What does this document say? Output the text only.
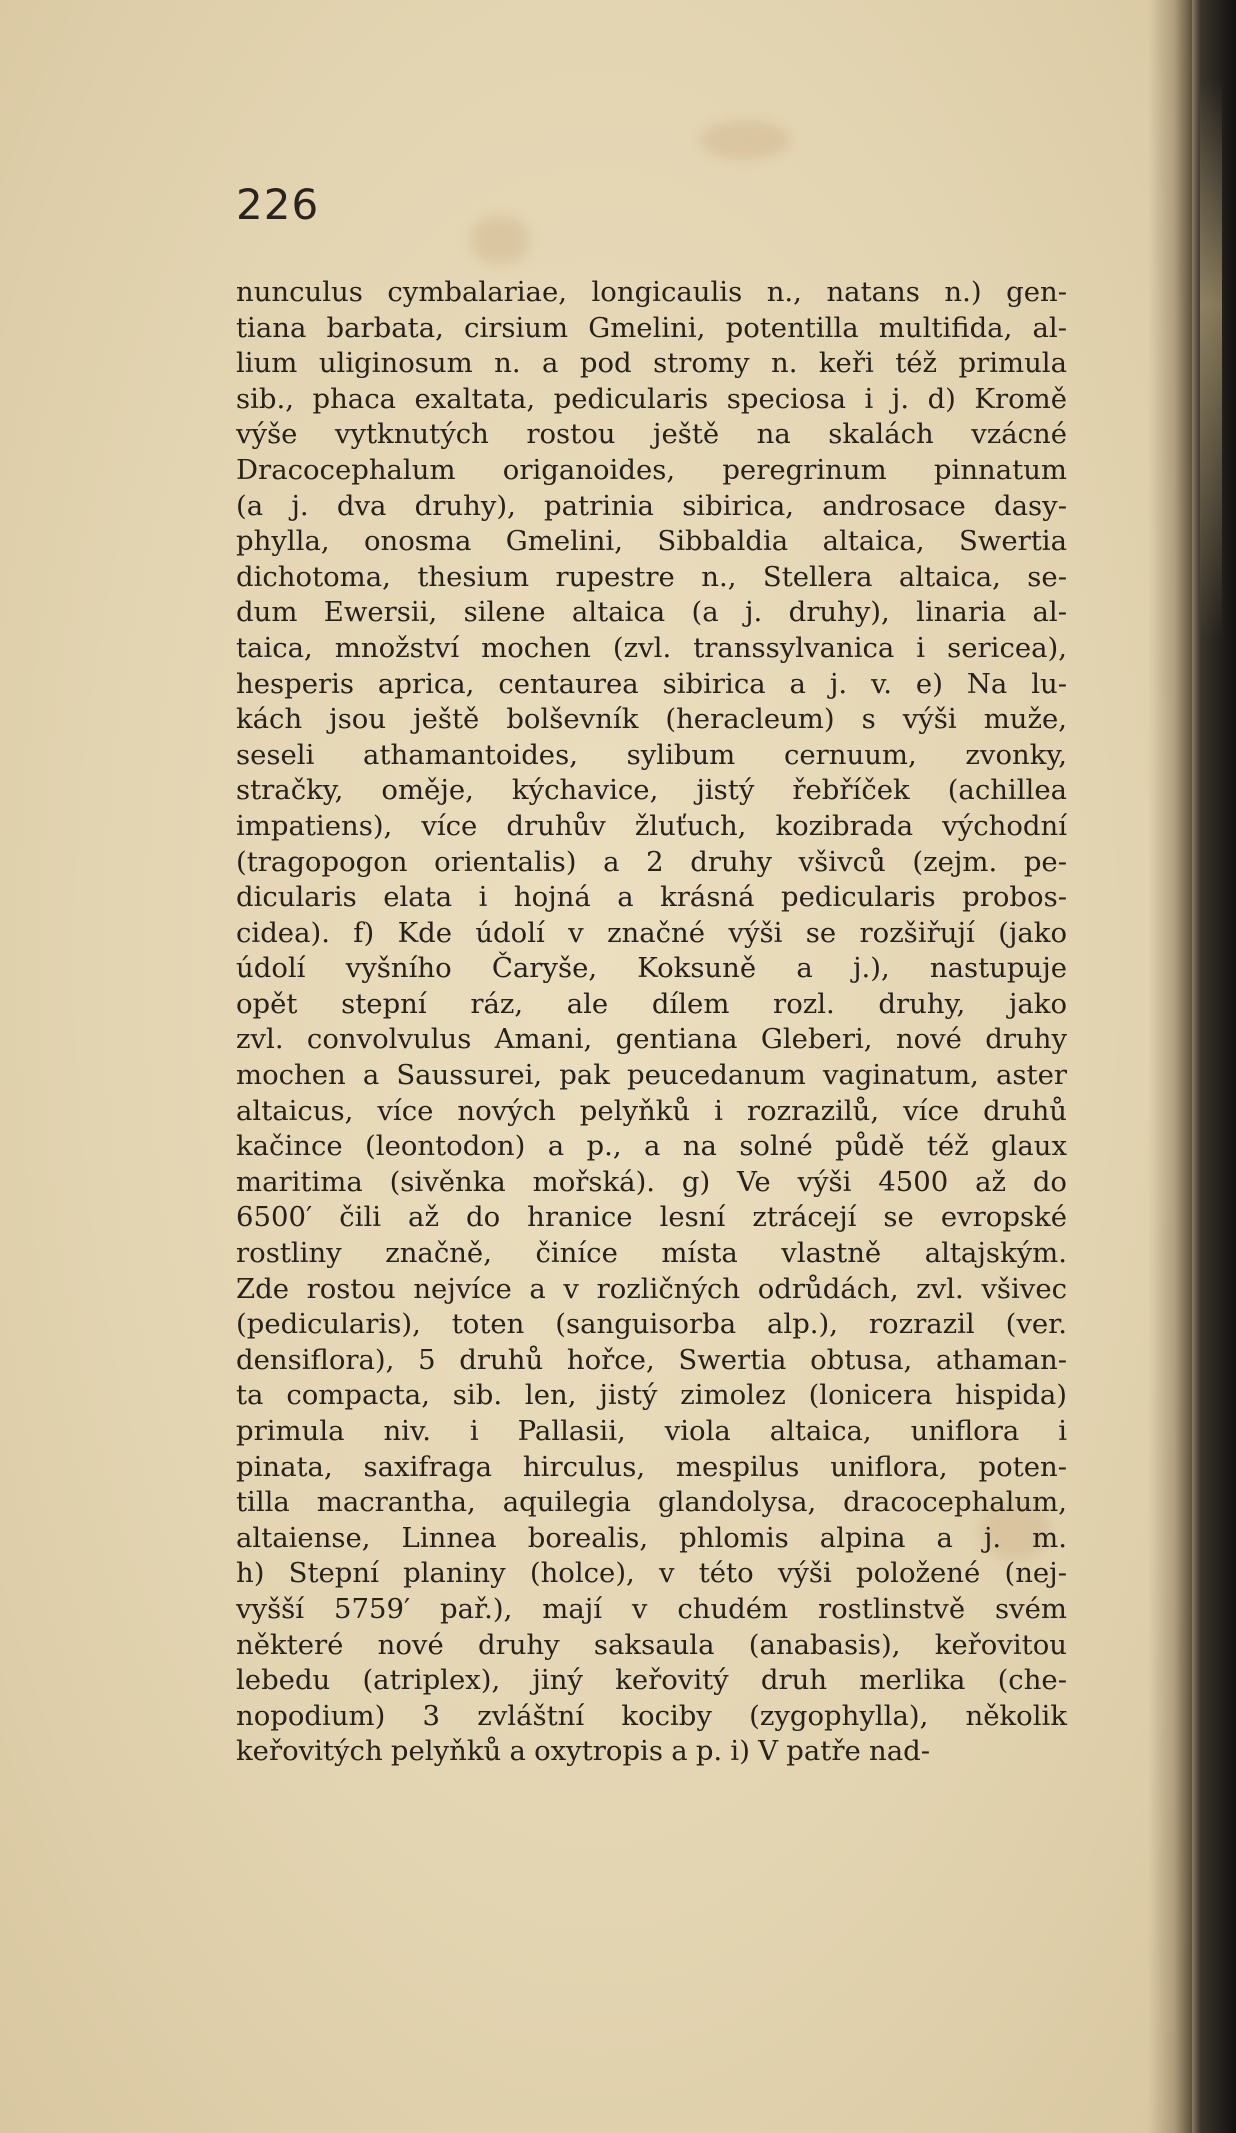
226
nunculus cymbalariae, longicaulis n., natans n.) gen-
tiana barbata, cirsium Gmelini, potentilla multifida, al-
lium uliginosum n. a pod stromy n. keři též primula
sib., phaca exaltata, pedicularis speciosa i j. d) Kromě
výše vytknutých rostou ještě na skalách vzácné
Dracocephalum origanoides, peregrinum pinnatum
(a j. dva druhy), patrinia sibirica, androsace dasy-
phylla, onosma Gmelini, Sibbaldia altaica, Swertia
dichotoma, thesium rupestre n., Stellera altaica, se-
dum Ewersii, silene altaica (a j. druhy), linaria al-
taica, množství mochen (zvl. transsylvanica i sericea),
hesperis aprica, centaurea sibirica a j. v. e) Na lu-
kách jsou ještě bolševník (heracleum) s výši muže,
seseli athamantoides, sylibum cernuum, zvonky,
stračky, oměje, kýchavice, jistý řebříček (achillea
impatiens), více druhův žluťuch, kozibrada východní
(tragopogon orientalis) a 2 druhy všivců (zejm. pe-
dicularis elata i hojná a krásná pedicularis probos-
cidea). f) Kde údolí v značné výši se rozšiřují (jako
údolí vyšního Čaryše, Koksuně a j.), nastupuje
opět stepní ráz, ale dílem rozl. druhy, jako
zvl. convolvulus Amani, gentiana Gleberi, nové druhy
mochen a Saussurei, pak peucedanum vaginatum, aster
altaicus, více nových pelyňků i rozrazilů, více druhů
kačince (leontodon) a p., a na solné půdě též glaux
maritima (sivěnka mořská). g) Ve výši 4500 až do
6500′ čili až do hranice lesní ztrácejí se evropské
rostliny značně, činíce místa vlastně altajským.
Zde rostou nejvíce a v rozličných odrůdách, zvl. všivec
(pedicularis), toten (sanguisorba alp.), rozrazil (ver.
densiflora), 5 druhů hořce, Swertia obtusa, athaman-
ta compacta, sib. len, jistý zimolez (lonicera hispida)
primula niv. i Pallasii, viola altaica, uniflora i
pinata, saxifraga hirculus, mespilus uniflora, poten-
tilla macrantha, aquilegia glandolysa, dracocephalum,
altaiense, Linnea borealis, phlomis alpina a j. m.
h) Stepní planiny (holce), v této výši položené (nej-
vyšší 5759′ pař.), mají v chudém rostlinstvě svém
některé nové druhy saksaula (anabasis), keřovitou
lebedu (atriplex), jiný keřovitý druh merlika (che-
nopodium) 3 zvláštní kociby (zygophylla), několik
keřovitých pelyňků a oxytropis a p. i) V patře nad-
